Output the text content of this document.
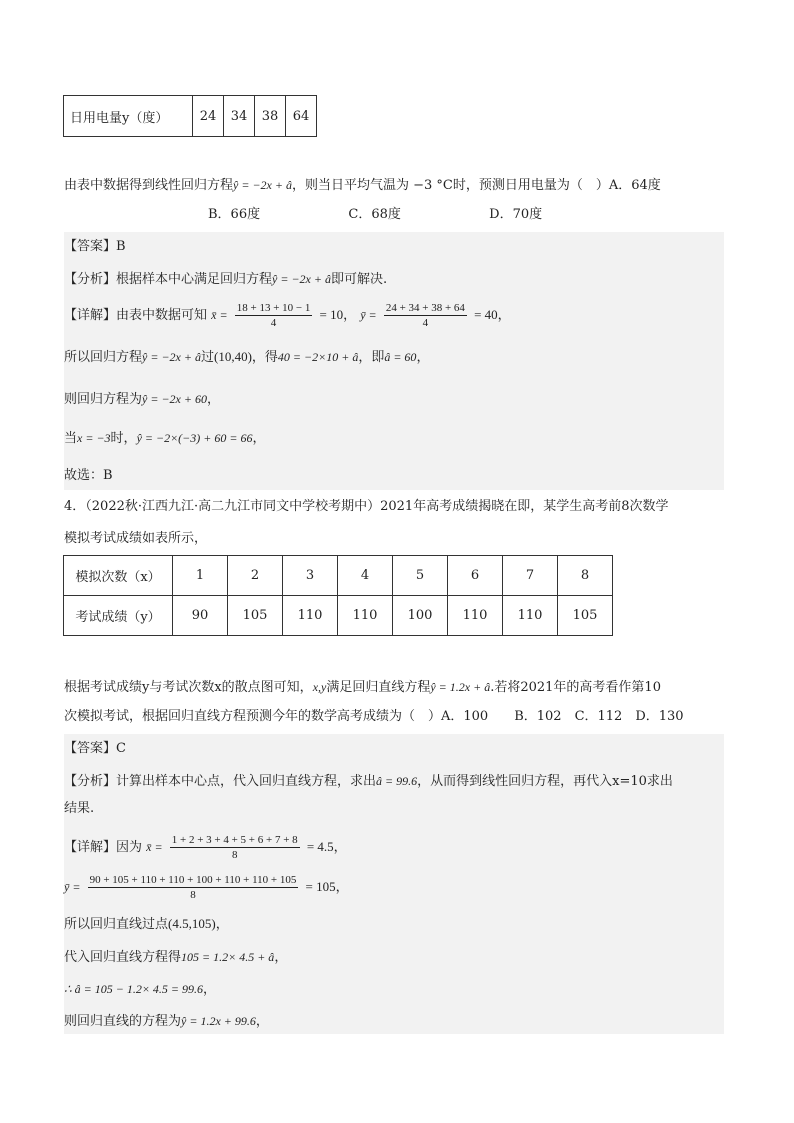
日用电量y（度）	24	34	38	64
由表中数据得到线性回归方程ŷ = −2x + â，则当日平均气温为 −3 °C时，预测日用电量为（　）A．64度
B．66度	C．68度	D．70度
【答案】B
【分析】根据样本中心满足回归方程ŷ = −2x + â即可解决.
【详解】由表中数据可知 x̄ = $\frac{18 + 13 + 10 - 1}{4} = 10$， ȳ = $\frac{24 + 34 + 38 + 64}{4} = 40$，
所以回归方程ŷ = −2x + â过(10,40)，得40 = −2×10 + â，即â = 60，
则回归方程为ŷ = −2x + 60，
当x = −3时，ŷ = −2×(−3) + 60 = 66，
故选：B
4．（2022秋·江西九江·高二九江市同文中学校考期中）2021年高考成绩揭晓在即，某学生高考前8次数学
模拟考试成绩如表所示，
模拟次数（x）	1	2	3	4	5	6	7	8
考试成绩（y）	90	105	110	110	100	110	110	105
根据考试成绩y与考试次数x的散点图可知，x,y满足回归直线方程ŷ = 1.2x + â.若将2021年的高考看作第10
次模拟考试，根据回归直线方程预测今年的数学高考成绩为（　）A．100　　B．102　C．112　D．130
【答案】C
【分析】计算出样本中心点，代入回归直线方程，求出â = 99.6，从而得到线性回归方程，再代入x=10求出
结果.
【详解】因为 x̄ = $\frac{1 + 2 + 3 + 4 + 5 + 6 + 7 + 8}{8} = 4.5$，
ȳ = $\frac{90 + 105 + 110 + 110 + 100 + 110 + 110 + 105}{8} = 105$，
所以回归直线过点(4.5,105)，
代入回归直线方程得105 = 1.2× 4.5 + â，
∴ â = 105 − 1.2× 4.5 = 99.6，
则回归直线的方程为ŷ = 1.2x + 99.6，
